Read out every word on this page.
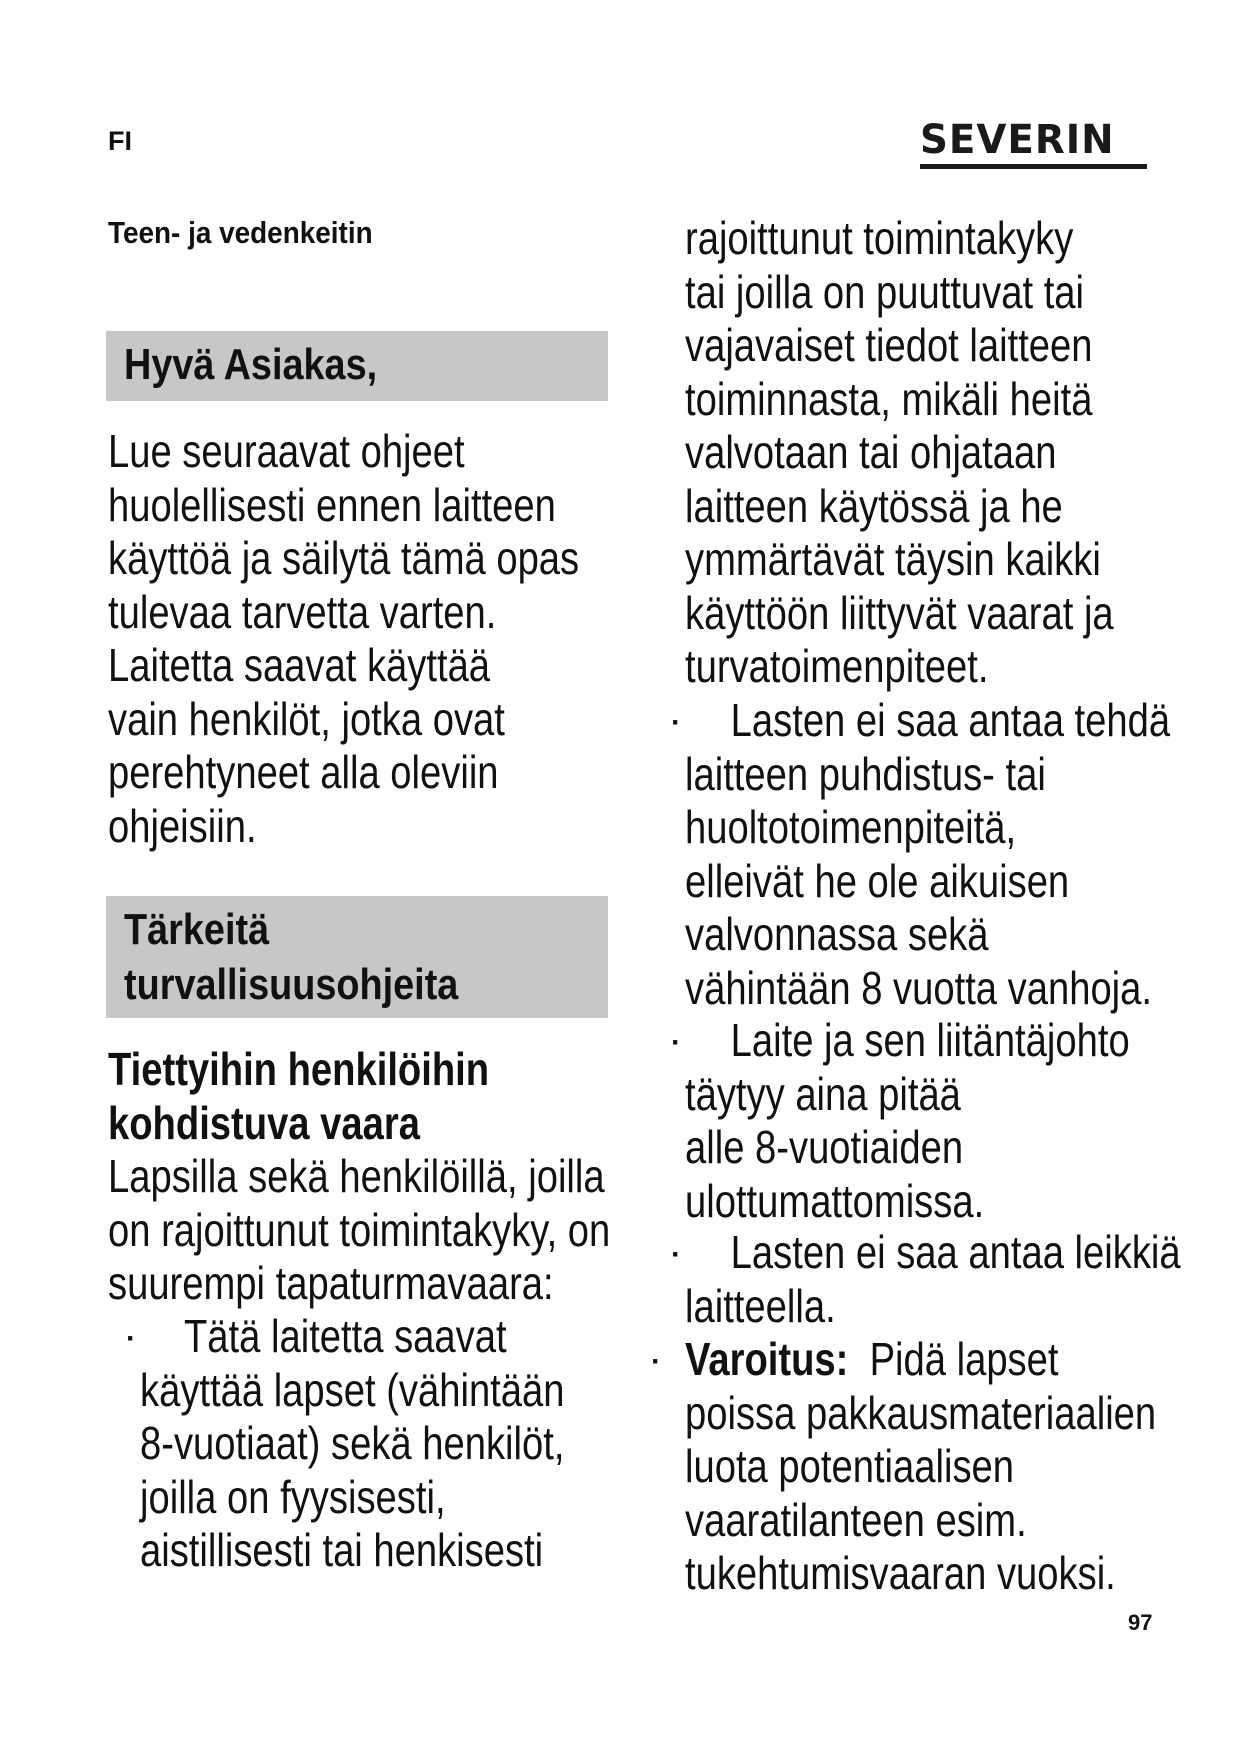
FI	SEVERIN
Teen- ja vedenkeitin
Hyvä Asiakas,
Lue seuraavat ohjeet
huolellisesti ennen laitteen
käyttöä ja säilytä tämä opas
tulevaa tarvetta varten.
Laitetta saavat käyttää
vain henkilöt, jotka ovat
perehtyneet alla oleviin
ohjeisiin.
Tärkeitä
turvallisuusohjeita
Tiettyihin henkilöihin
kohdistuva vaara
Lapsilla sekä henkilöillä, joilla
on rajoittunut toimintakyky, on
suurempi tapaturmavaara:
·	Tätä laitetta saavat
käyttää lapset (vähintään
8-vuotiaat) sekä henkilöt,
joilla on fyysisesti,
aistillisesti tai henkisesti
rajoittunut toimintakyky
tai joilla on puuttuvat tai
vajavaiset tiedot laitteen
toiminnasta, mikäli heitä
valvotaan tai ohjataan
laitteen käytössä ja he
ymmärtävät täysin kaikki
käyttöön liittyvät vaarat ja
turvatoimenpiteet.
·	Lasten ei saa antaa tehdä
laitteen puhdistus- tai
huoltotoimenpiteitä,
elleivät he ole aikuisen
valvonnassa sekä
vähintään 8 vuotta vanhoja.
·	Laite ja sen liitäntäjohto
täytyy aina pitää
alle 8-vuotiaiden
ulottumattomissa.
·	Lasten ei saa antaa leikkiä
laitteella.
· Varoitus: Pidä lapset
poissa pakkausmateriaalien
luota potentiaalisen
vaaratilanteen esim.
tukehtumisvaaran vuoksi.
97
